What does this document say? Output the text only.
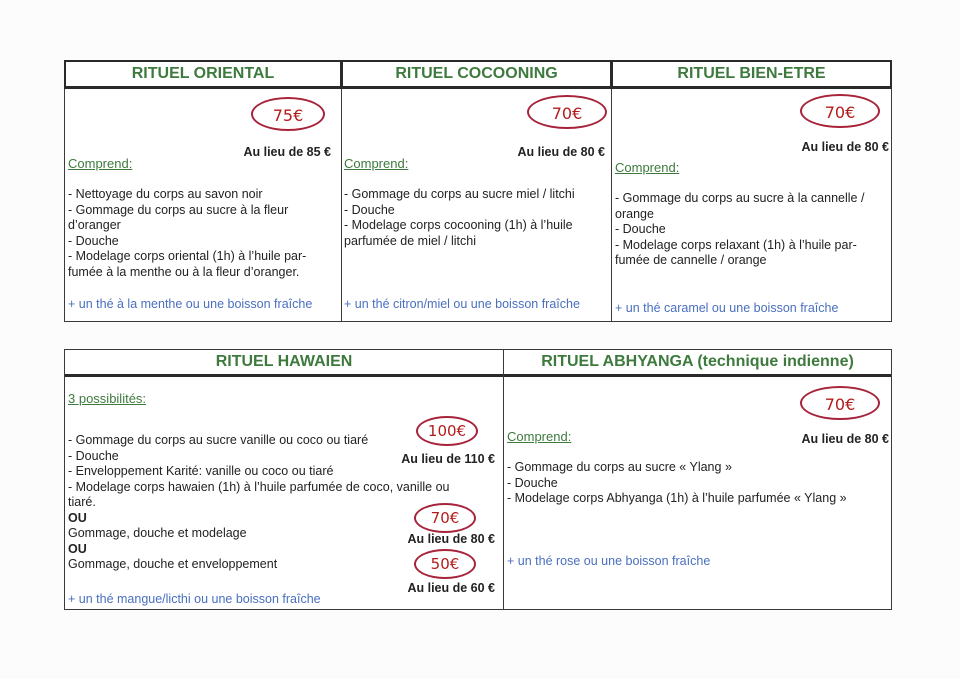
RITUEL ORIENTAL
75€
Au lieu de 85 €
Comprend:
- Nettoyage du corps au savon noir
- Gommage du corps au sucre à la fleur
d’oranger
- Douche
- Modelage corps oriental (1h) à l’huile par-
fumée à la menthe ou à la fleur d’oranger.
+ un thé à la menthe ou une boisson fraîche
RITUEL COCOONING
70€
Au lieu de 80 €
Comprend:
- Gommage du corps au sucre miel / litchi
- Douche
- Modelage corps cocooning (1h) à l’huile
parfumée de miel / litchi
+ un thé citron/miel ou une boisson fraîche
RITUEL BIEN-ETRE
70€
Au lieu de 80 €
Comprend:
- Gommage du corps au sucre à la cannelle /
orange
- Douche
- Modelage corps relaxant (1h) à l’huile par-
fumée de cannelle / orange
+ un thé caramel ou une boisson fraîche
RITUEL HAWAIEN
3 possibilités:
- Gommage du corps au sucre vanille ou coco ou tiaré
- Douche
- Enveloppement Karité: vanille ou coco ou tiaré
- Modelage corps hawaien (1h) à l’huile parfumée de coco, vanille ou
tiaré.
OU
Gommage, douche et modelage
OU
Gommage, douche et enveloppement
100€
Au lieu de 110 €
70€
Au lieu de 80 €
50€
Au lieu de 60 €
+ un thé mangue/licthi ou une boisson fraîche
RITUEL ABHYANGA (technique indienne)
70€
Au lieu de 80 €
Comprend:
- Gommage du corps au sucre « Ylang »
- Douche
- Modelage corps Abhyanga (1h) à l’huile parfumée « Ylang »
+ un thé rose ou une boisson fraîche
